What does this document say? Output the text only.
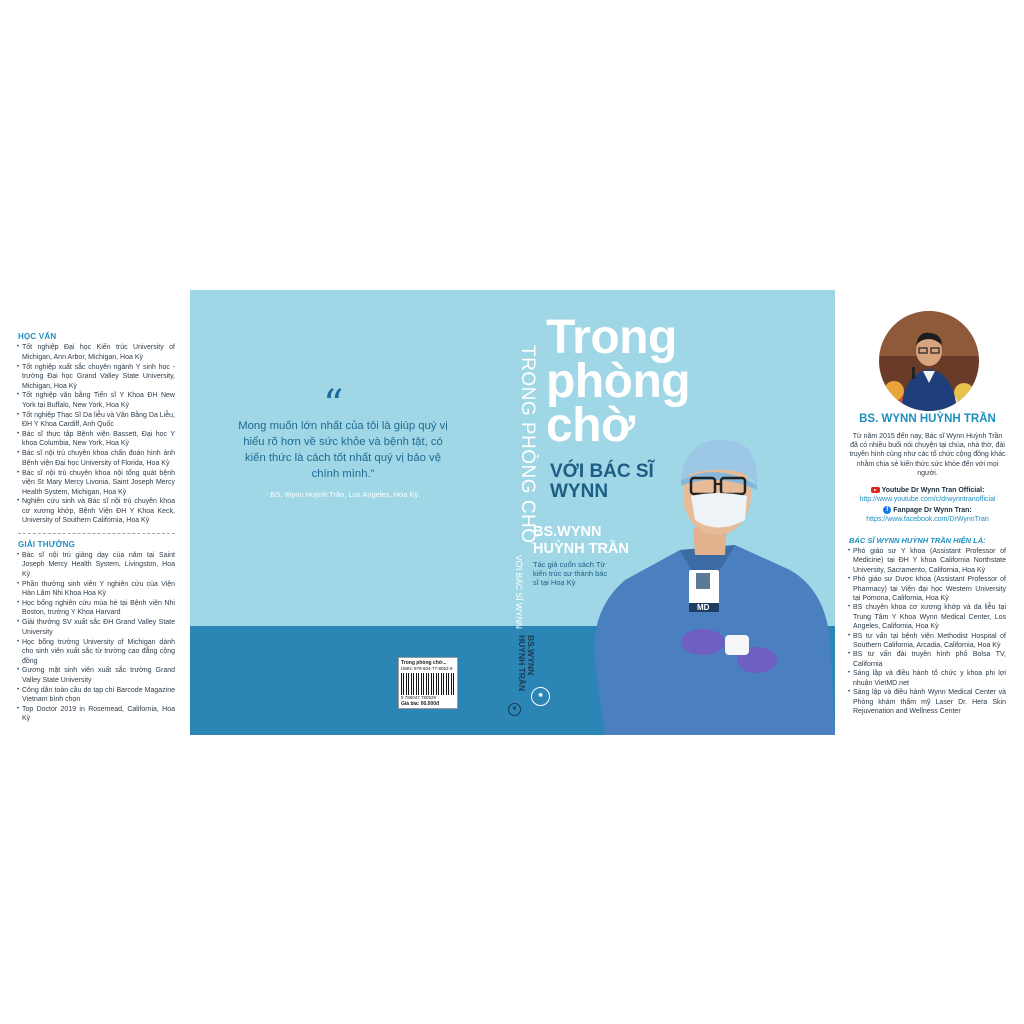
HỌC VẤN
• Tốt nghiệp Đại học Kiến trúc University of Michigan, Ann Arbor, Michigan, Hoa Kỳ
• Tốt nghiệp xuất sắc chuyên ngành Y sinh học - trường Đại học Grand Valley State University, Michigan, Hoa Kỳ
• Tốt nghiệp văn bằng Tiến sĩ Y Khoa ĐH New York tại Buffalo, New York, Hoa Kỳ
• Tốt nghiệp Thạc Sĩ Da liễu và Văn Bằng Da Liễu, ĐH Y Khoa Cardiff, Anh Quốc
• Bác sĩ thực tập Bệnh viện Bassett, Đại học Y khoa Columbia, New York, Hoa Kỳ
• Bác sĩ nội trú chuyên khoa chẩn đoán hình ảnh Bệnh viện Đại học University of Florida, Hoa Kỳ
• Bác sĩ nội trú chuyên khoa nội tổng quát bệnh viện St Mary Mercy Livonia, Saint Joseph Mercy Health System, Michigan, Hoa Kỳ
• Nghiên cứu sinh và Bác sĩ nội trú chuyên khoa cơ xương khớp, Bệnh Viện ĐH Y Khoa Keck, University of Southern California, Hoa Kỳ
GIẢI THƯỞNG
• Bác sĩ nội trú giảng dạy của năm tại Saint Joseph Mercy Health System, Livingston, Hoa Kỳ
• Phần thưởng sinh viên Y nghiên cứu của Viện Hàn Lâm Nhi Khoa Hoa Kỳ
• Học bổng nghiên cứu mùa hè tại Bệnh viện Nhi Boston, trường Y Khoa Harvard
• Giải thưởng SV xuất sắc ĐH Grand Valley State University
• Học bổng trường University of Michigan dành cho sinh viên xuất sắc từ trường cao đẳng cộng đồng
• Gương mặt sinh viên xuất sắc trường Grand Valley State University
• Công dân toàn cầu do tạp chí Barcode Magazine Vietnam bình chọn
• Top Doctor 2019 in Rosemead, California, Hoa Kỳ
“
Mong muốn lớn nhất của tôi là giúp quý vị hiểu rõ hơn về sức khỏe và bệnh tật, có kiến thức là cách tốt nhất quý vị bảo vệ chính mình.”
- BS. Wynn Huỳnh Trần, Los Angeles, Hoa Kỳ.	TRONG PHÒNG CHỜ
VỚI BÁC SĨ WYNN
BS.WYNN
HUỲNH TRẦN
❦
Trong
phòng
chờ
VỚI BÁC SĨ
WYNN
BS.WYNN
HUỲNH TRẦN
Tác giả cuốn sách Từ kiến trúc sư thành bác sĩ tại Hoa Kỳ
✺
MD
Trong phòng chờ...
ISBN: 978-604-77-8052-9
9 786047 780529
Giá bìa: 00.000đ
BS. WYNN HUỲNH TRẦN
Từ năm 2015 đến nay, Bác sĩ Wynn Huỳnh Trần đã có nhiều buổi nói chuyện tại chùa, nhà thờ, đài truyền hình cùng như các tổ chức cộng đồng khác nhằm chia sẻ kiến thức sức khỏe đến với mọi người.
Youtube Dr Wynn Tran Official:
http://www.youtube.com/c/drwynntranofficial
f Fanpage Dr Wynn Tran:
https://www.facebook.com/DrWynnTran
BÁC SĨ WYNN HUỲNH TRẦN HIỆN LÀ:
• Phó giáo sư Y khoa (Assistant Professor of Medicine) tại ĐH Y khoa California Northstate University, Sacramento, California, Hoa Kỳ
• Phó giáo sư Dược khoa (Assistant Professor of Pharmacy) tại Viện đại học Western University tại Pomona, California, Hoa Kỳ
• BS chuyên khoa cơ xương khớp và da liễu tại Trung Tâm Y Khoa Wynn Medical Center, Los Angeles, California, Hoa Kỳ
• BS tư vấn tại bệnh viện Methodist Hospital of Southern California, Arcadia, California, Hoa Kỳ
• BS tư vấn đài truyền hình phố Bolsa TV, California
• Sáng lập và điều hành tổ chức y khoa phi lợi nhuận VietMD.net
• Sáng lập và điều hành Wynn Medical Center và Phòng khám thẩm mỹ Laser Dr. Hera Skin Rejuvenation and Wellness Center
